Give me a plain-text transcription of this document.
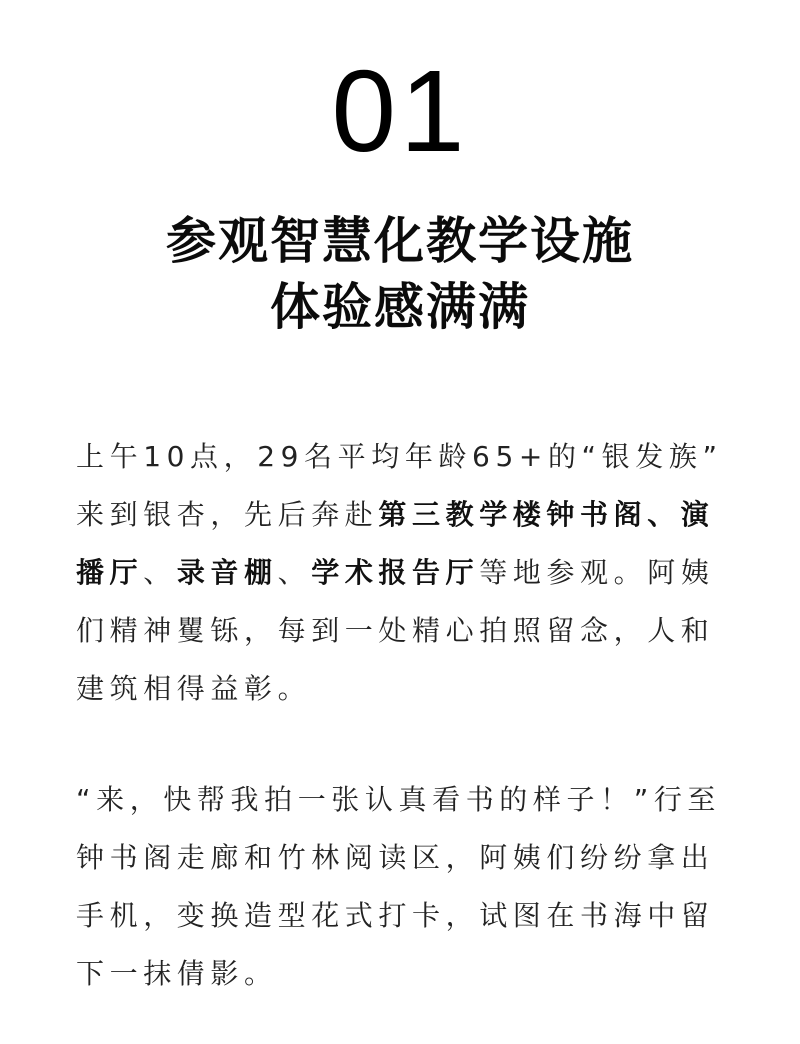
01
参观智慧化教学设施
体验感满满
上午10点，29名平均年龄65+的“银发族”
来到银杏，先后奔赴第三教学楼钟书阁、演
播厅、录音棚、学术报告厅等地参观。阿姨
们精神矍铄，每到一处精心拍照留念，人和
建筑相得益彰。
“来，快帮我拍一张认真看书的样子！”行至
钟书阁走廊和竹林阅读区，阿姨们纷纷拿出
手机，变换造型花式打卡，试图在书海中留
下一抹倩影。
